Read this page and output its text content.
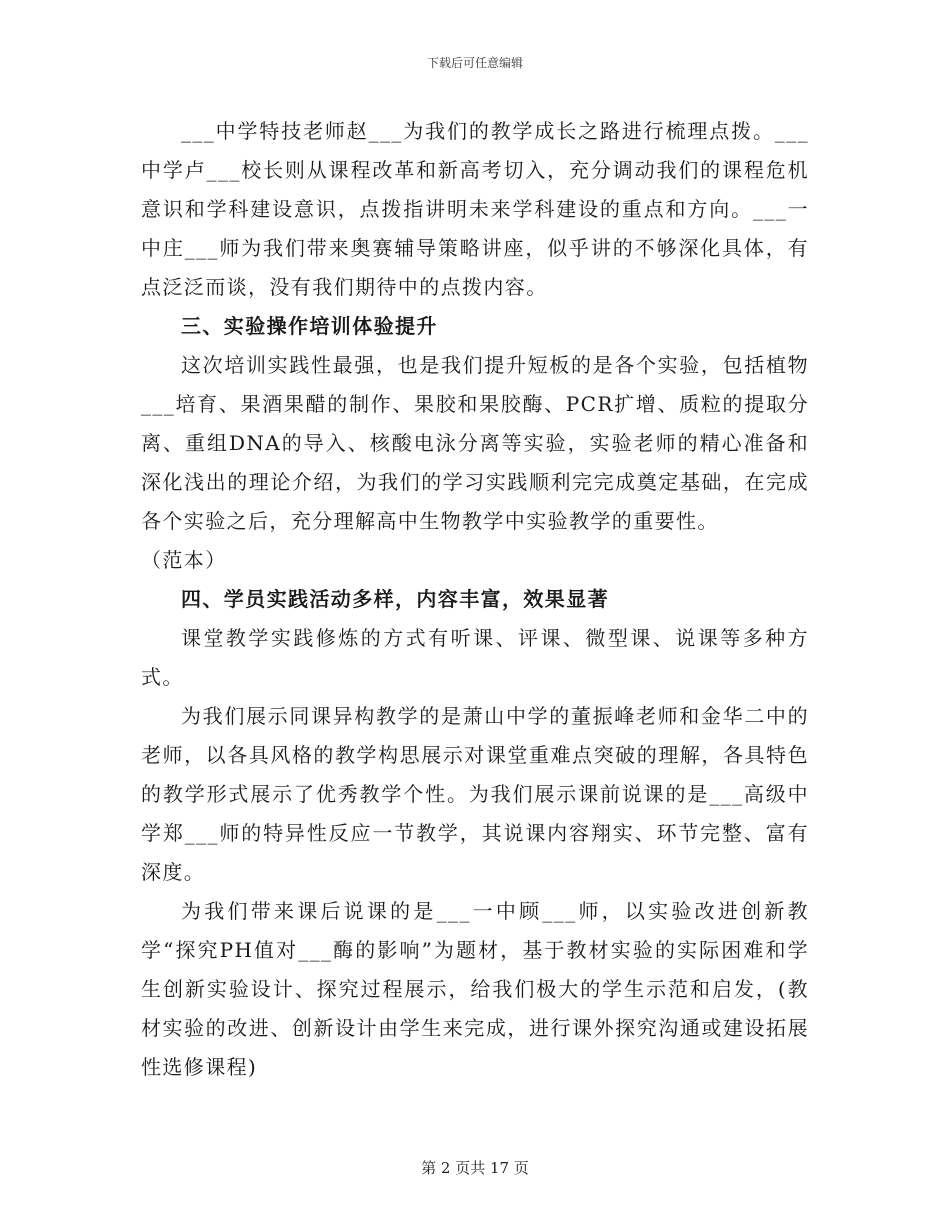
下载后可任意编辑

___中学特技老师赵___为我们的教学成长之路进行梳理点拨。___中学卢___校长则从课程改革和新高考切入，充分调动我们的课程危机意识和学科建设意识，点拨指讲明未来学科建设的重点和方向。___一中庄___师为我们带来奥赛辅导策略讲座，似乎讲的不够深化具体，有点泛泛而谈，没有我们期待中的点拨内容。

三、实验操作培训体验提升

这次培训实践性最强，也是我们提升短板的是各个实验，包括植物___培育、果酒果醋的制作、果胶和果胶酶、PCR扩增、质粒的提取分离、重组DNA的导入、核酸电泳分离等实验，实验老师的精心准备和深化浅出的理论介绍，为我们的学习实践顺利完完成奠定基础，在完成各个实验之后，充分理解高中生物教学中实验教学的重要性。

（范本）

四、学员实践活动多样，内容丰富，效果显著

课堂教学实践修炼的方式有听课、评课、微型课、说课等多种方式。

为我们展示同课异构教学的是萧山中学的董振峰老师和金华二中的老师，以各具风格的教学构思展示对课堂重难点突破的理解，各具特色的教学形式展示了优秀教学个性。为我们展示课前说课的是___高级中学郑___师的特异性反应一节教学，其说课内容翔实、环节完整、富有深度。

为我们带来课后说课的是___一中顾___师，以实验改进创新教学“探究PH值对___酶的影响”为题材，基于教材实验的实际困难和学生创新实验设计、探究过程展示，给我们极大的学生示范和启发，(教材实验的改进、创新设计由学生来完成，进行课外探究沟通或建设拓展性选修课程)

第 2 页共 17 页
